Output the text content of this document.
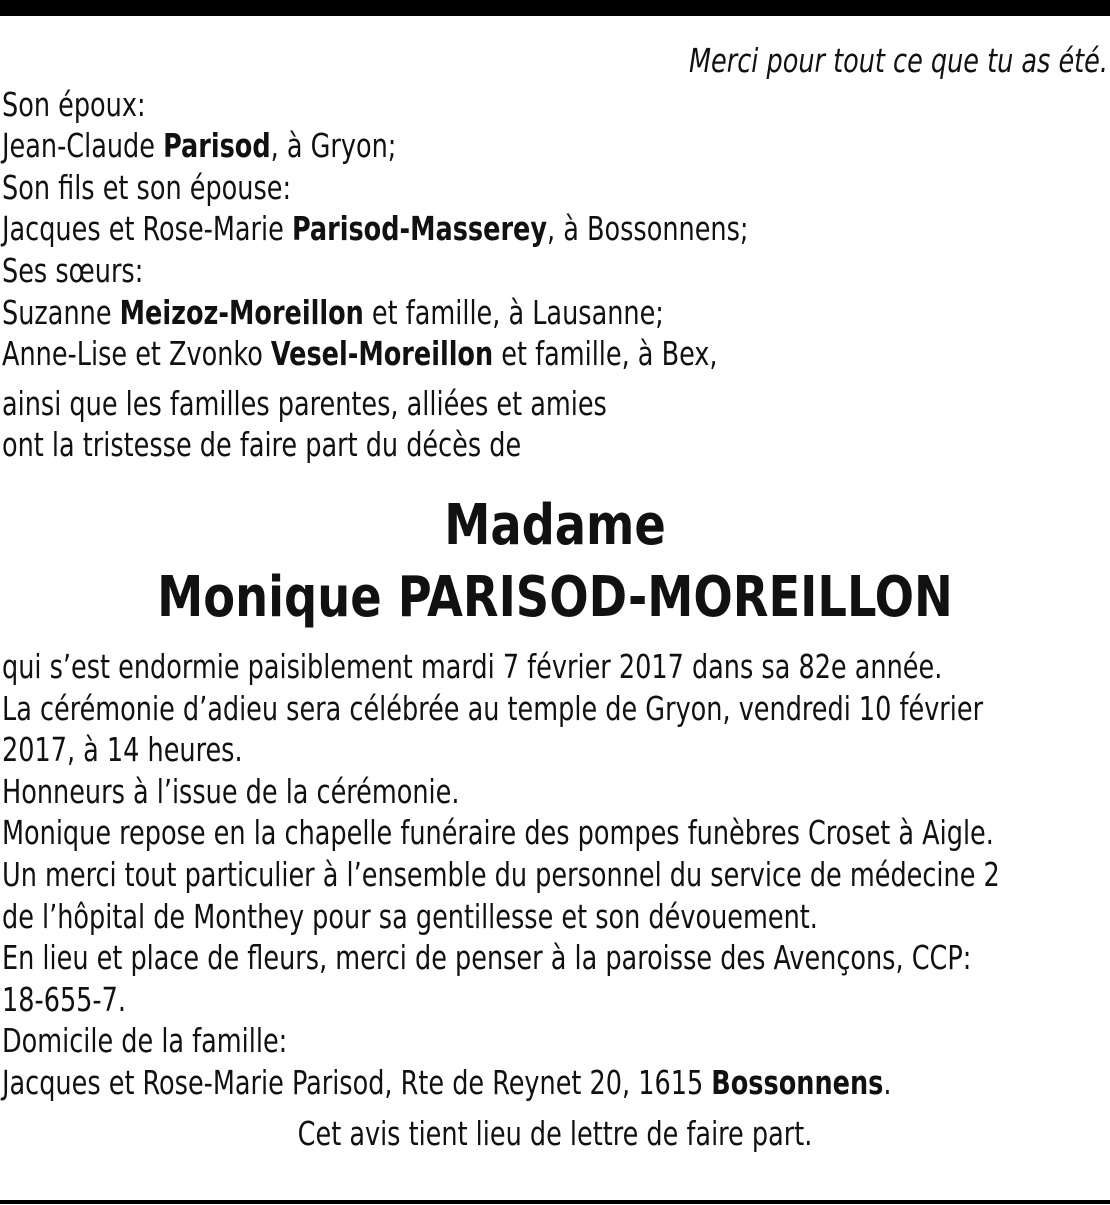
Merci pour tout ce que tu as été.
Son époux:
Jean-Claude Parisod, à Gryon;
Son fils et son épouse:
Jacques et Rose-Marie Parisod-Masserey, à Bossonnens;
Ses sœurs:
Suzanne Meizoz-Moreillon et famille, à Lausanne;
Anne-Lise et Zvonko Vesel-Moreillon et famille, à Bex,
ainsi que les familles parentes, alliées et amies
ont la tristesse de faire part du décès de
Madame
Monique PARISOD-MOREILLON
qui s’est endormie paisiblement mardi 7 février 2017 dans sa 82e année.
La cérémonie d’adieu sera célébrée au temple de Gryon, vendredi 10 février
2017, à 14 heures.
Honneurs à l’issue de la cérémonie.
Monique repose en la chapelle funéraire des pompes funèbres Croset à Aigle.
Un merci tout particulier à l’ensemble du personnel du service de médecine 2
de l’hôpital de Monthey pour sa gentillesse et son dévouement.
En lieu et place de fleurs, merci de penser à la paroisse des Avençons, CCP:
18-655-7.
Domicile de la famille:
Jacques et Rose-Marie Parisod, Rte de Reynet 20, 1615 Bossonnens.
Cet avis tient lieu de lettre de faire part.
